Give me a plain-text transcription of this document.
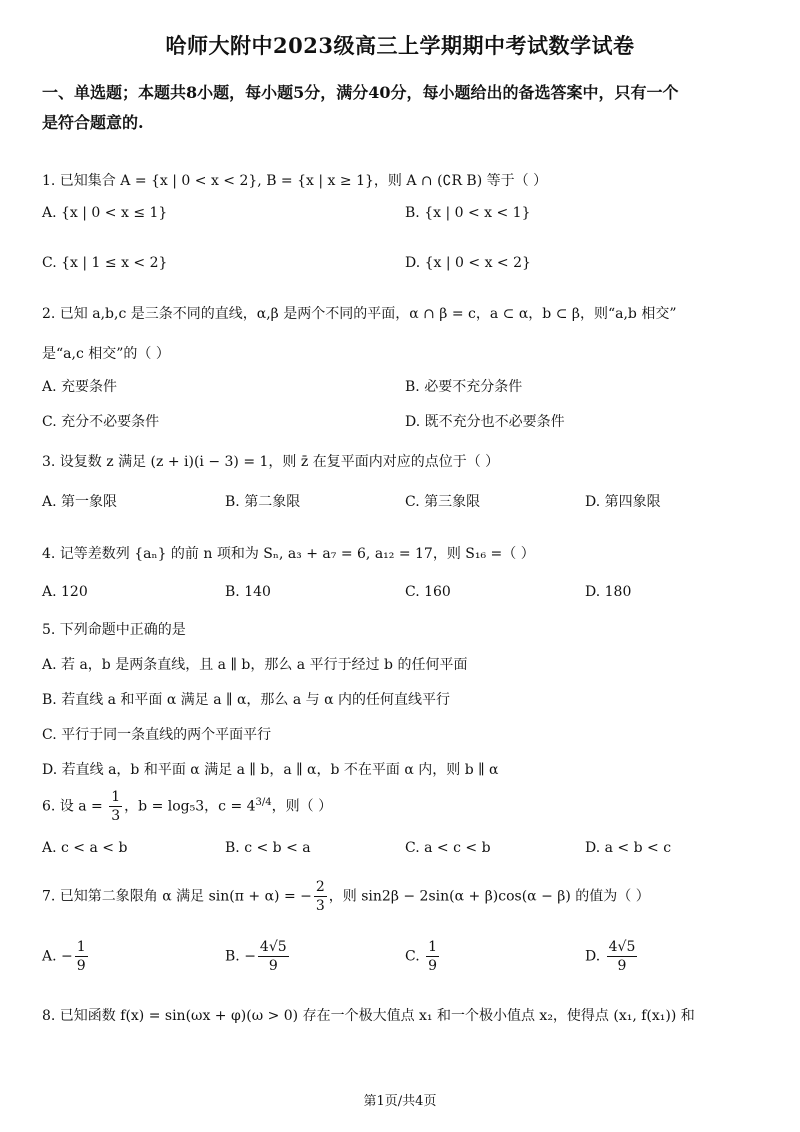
哈师大附中2023级高三上学期期中考试数学试卷
一、单选题；本题共8小题，每小题5分，满分40分，每小题给出的备选答案中，只有一个
是符合题意的.
1. 已知集合 A = {x | 0 < x < 2}, B = {x | x ≥ 1}，则 A ∩ (∁R B) 等于（ ）
A. {x | 0 < x ≤ 1}	B. {x | 0 < x < 1}
C. {x | 1 ≤ x < 2}	D. {x | 0 < x < 2}
2. 已知 a,b,c 是三条不同的直线，α,β 是两个不同的平面，α ∩ β = c，a ⊂ α，b ⊂ β，则“a,b 相交”
是“a,c 相交”的（ ）
A. 充要条件	B. 必要不充分条件
C. 充分不必要条件	D. 既不充分也不必要条件
3. 设复数 z 满足 (z + i)(i − 3) = 1，则 z̄ 在复平面内对应的点位于（ ）
A. 第一象限	B. 第二象限	C. 第三象限	D. 第四象限
4. 记等差数列 {aₙ} 的前 n 项和为 Sₙ, a₃ + a₇ = 6, a₁₂ = 17，则 S₁₆ =（ ）
A. 120	B. 140	C. 160	D. 180
5. 下列命题中正确的是
A. 若 a，b 是两条直线，且 a ∥ b，那么 a 平行于经过 b 的任何平面
B. 若直线 a 和平面 α 满足 a ∥ α，那么 a 与 α 内的任何直线平行
C. 平行于同一条直线的两个平面平行
D. 若直线 a，b 和平面 α 满足 a ∥ b，a ∥ α，b 不在平面 α 内，则 b ∥ α
6. 设 $a = \frac{1}{3}$ ，b = log₅3，$c = 4^{3/4}$，则（ ）
A. c < a < b	B. c < b < a	C. a < c < b	D. a < b < c
7. 已知第二象限角 α 满足 sin(π + α) = − $\frac{2}{3}$ ，则 sin2β − 2sin(α + β)cos(α − β) 的值为（ ）
A. − $\frac{1}{9}$	B. − $\frac{4√5}{9}$	C. $\frac{1}{9}$	D. $\frac{4√5}{9}$
8. 已知函数 f(x) = sin(ωx + φ)(ω > 0) 存在一个极大值点 x₁ 和一个极小值点 x₂，使得点 (x₁, f(x₁)) 和
第1页/共4页
